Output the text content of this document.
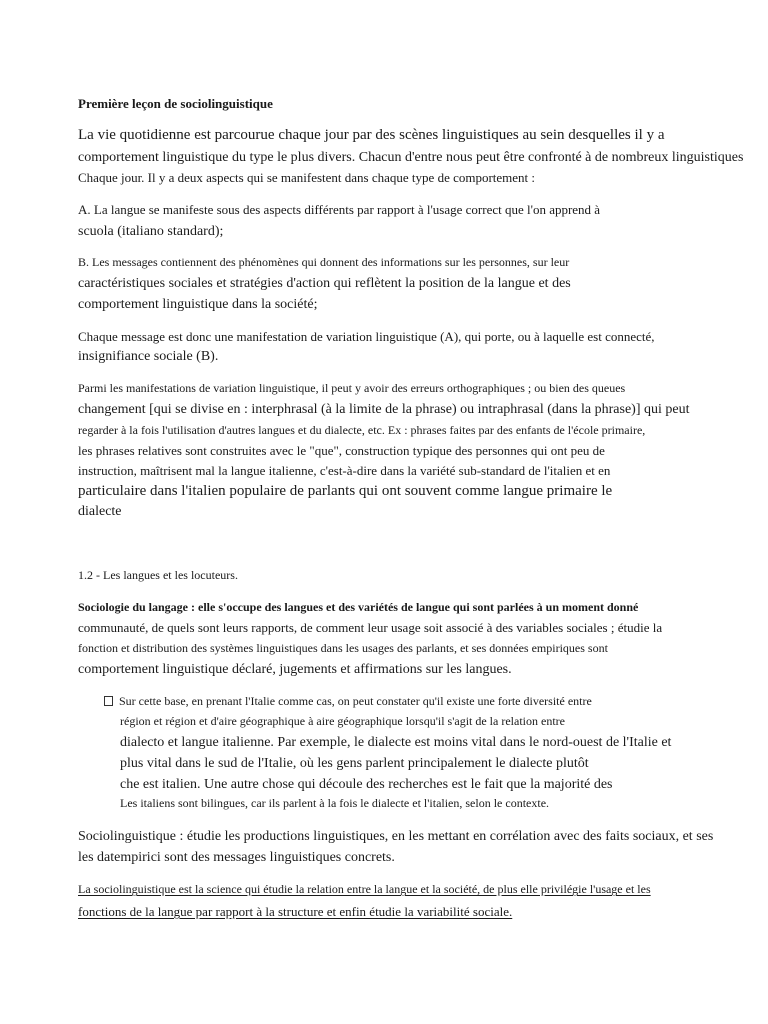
Première leçon de sociolinguistique
La vie quotidienne est parcourue chaque jour par des scènes linguistiques au sein desquelles il y a
comportement linguistique du type le plus divers. Chacun d'entre nous peut être confronté à de nombreux linguistiques
Chaque jour. Il y a deux aspects qui se manifestent dans chaque type de comportement :
A. La langue se manifeste sous des aspects différents par rapport à l'usage correct que l'on apprend à
scuola (italiano standard);
B. Les messages contiennent des phénomènes qui donnent des informations sur les personnes, sur leur
caractéristiques sociales et stratégies d'action qui reflètent la position de la langue et des
comportement linguistique dans la société;
Chaque message est donc une manifestation de variation linguistique (A), qui porte, ou à laquelle est connecté,
insignifiance sociale (B).
Parmi les manifestations de variation linguistique, il peut y avoir des erreurs orthographiques ; ou bien des queues
changement [qui se divise en : interphrasal (à la limite de la phrase) ou intraphrasal (dans la phrase)] qui peut
regarder à la fois l'utilisation d'autres langues et du dialecte, etc. Ex : phrases faites par des enfants de l'école primaire,
les phrases relatives sont construites avec le "que", construction typique des personnes qui ont peu de
instruction, maîtrisent mal la langue italienne, c'est-à-dire dans la variété sub-standard de l'italien et en
particulaire dans l'italien populaire de parlants qui ont souvent comme langue primaire le
dialecte
1.2 - Les langues et les locuteurs.
Sociologie du langage : elle s'occupe des langues et des variétés de langue qui sont parlées à un moment donné
communauté, de quels sont leurs rapports, de comment leur usage soit associé à des variables sociales ; étudie la
fonction et distribution des systèmes linguistiques dans les usages des parlants, et ses données empiriques sont
comportement linguistique déclaré, jugements et affirmations sur les langues.
Sur cette base, en prenant l'Italie comme cas, on peut constater qu'il existe une forte diversité entre
région et région et d'aire géographique à aire géographique lorsqu'il s'agit de la relation entre
dialecto et langue italienne. Par exemple, le dialecte est moins vital dans le nord-ouest de l'Italie et
plus vital dans le sud de l'Italie, où les gens parlent principalement le dialecte plutôt
che est italien. Une autre chose qui découle des recherches est le fait que la majorité des
Les italiens sont bilingues, car ils parlent à la fois le dialecte et l'italien, selon le contexte.
Sociolinguistique : étudie les productions linguistiques, en les mettant en corrélation avec des faits sociaux, et ses
les datempirici sont des messages linguistiques concrets.
La sociolinguistique est la science qui étudie la relation entre la langue et la société, de plus elle privilégie l'usage et les
fonctions de la langue par rapport à la structure et enfin étudie la variabilité sociale.
